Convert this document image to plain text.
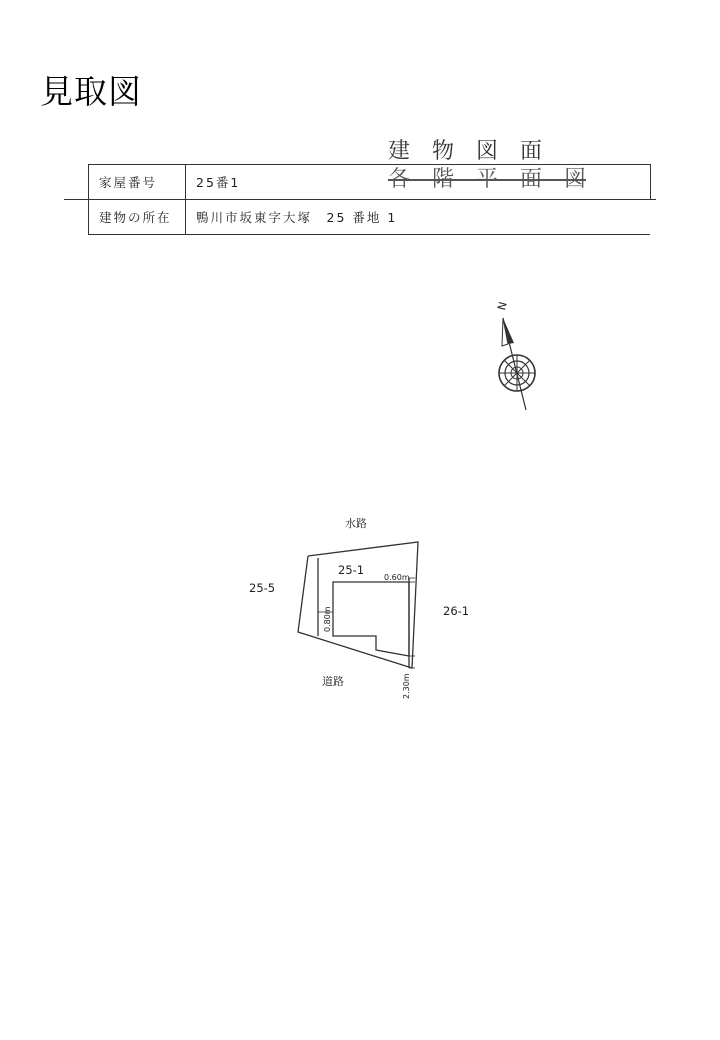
見取図
建　物　図　面
各　階　平　面　図
家屋番号	25番1
建物の所在	鴨川市坂東字大塚　25 番地 1
N
水路
25-1
25-5
26-1
0.60m
0.80m
道路	2.30m
